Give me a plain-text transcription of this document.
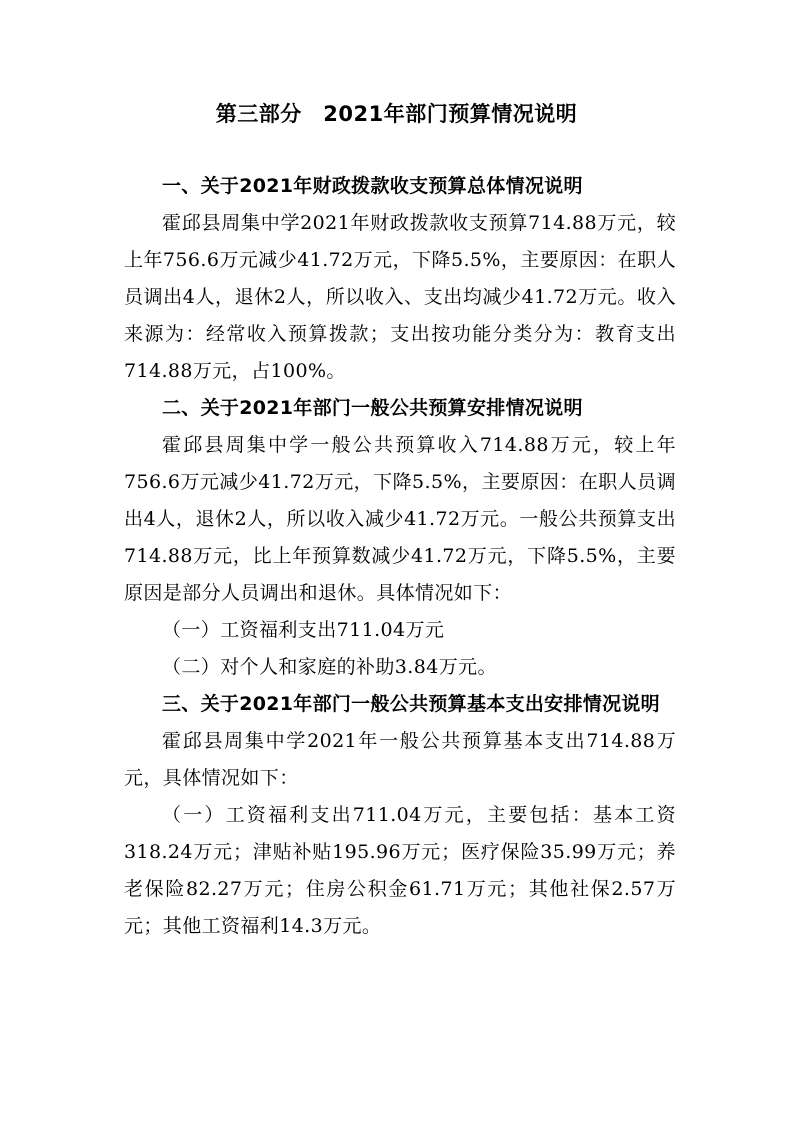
第三部分　2021年部门预算情况说明

一、关于2021年财政拨款收支预算总体情况说明

霍邱县周集中学2021年财政拨款收支预算714.88万元，较上年756.6万元减少41.72万元，下降5.5%，主要原因：在职人员调出4人，退休2人，所以收入、支出均减少41.72万元。收入来源为：经常收入预算拨款；支出按功能分类分为：教育支出714.88万元，占100%。

二、关于2021年部门一般公共预算安排情况说明

霍邱县周集中学一般公共预算收入714.88万元，较上年756.6万元减少41.72万元，下降5.5%，主要原因：在职人员调出4人，退休2人，所以收入减少41.72万元。一般公共预算支出714.88万元，比上年预算数减少41.72万元，下降5.5%，主要原因是部分人员调出和退休。具体情况如下：

（一）工资福利支出711.04万元

（二）对个人和家庭的补助3.84万元。

三、关于2021年部门一般公共预算基本支出安排情况说明

霍邱县周集中学2021年一般公共预算基本支出714.88万元，具体情况如下：

（一）工资福利支出711.04万元，主要包括：基本工资318.24万元；津贴补贴195.96万元；医疗保险35.99万元；养老保险82.27万元；住房公积金61.71万元；其他社保2.57万元；其他工资福利14.3万元。
